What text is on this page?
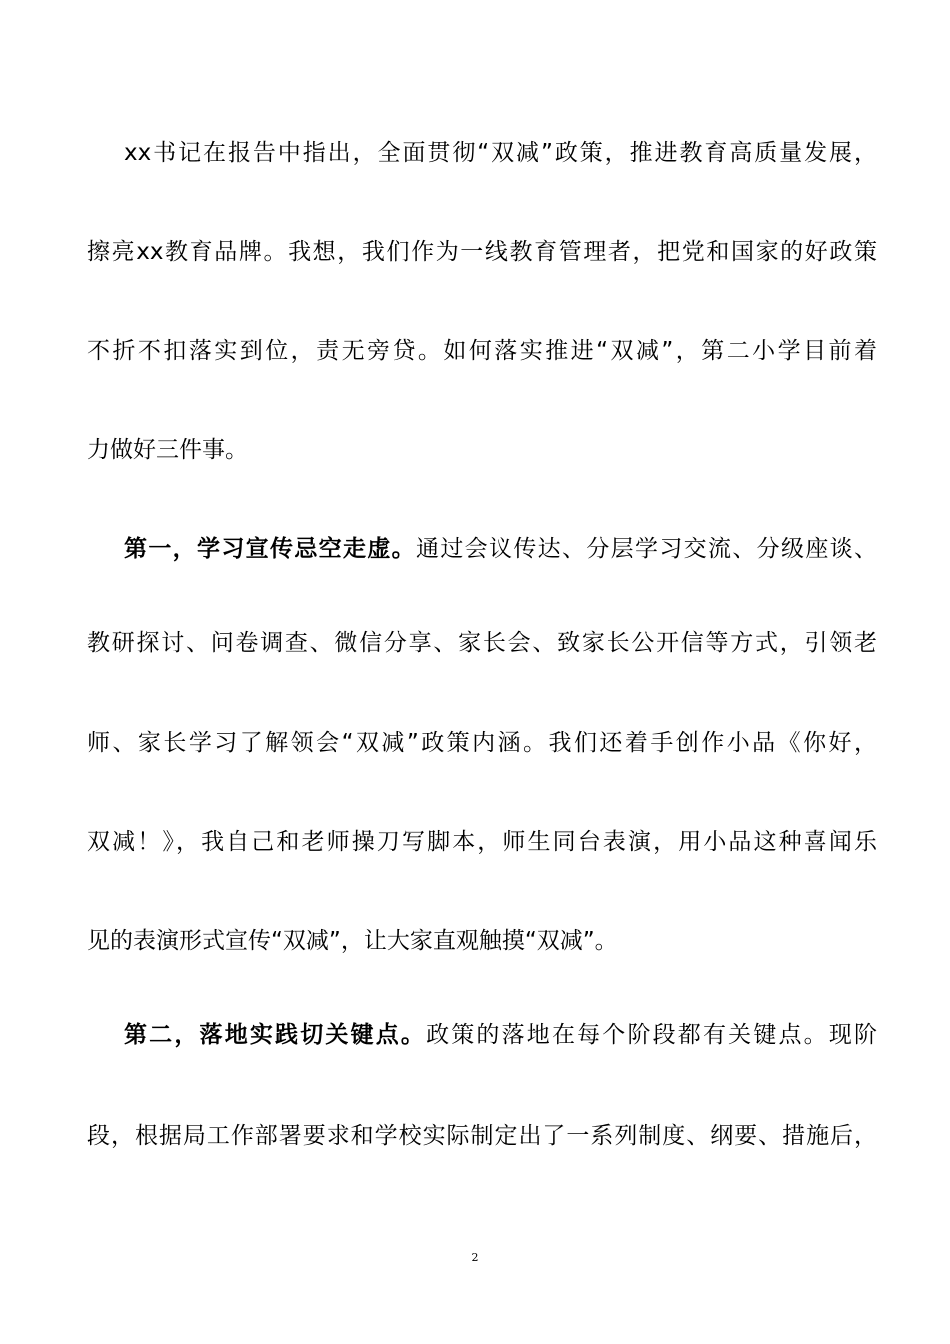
xx书记在报告中指出，全面贯彻“双减”政策，推进教育高质量发展，
擦亮xx教育品牌。我想，我们作为一线教育管理者，把党和国家的好政策
不折不扣落实到位，责无旁贷。如何落实推进“双减”，第二小学目前着
力做好三件事。
第一，学习宣传忌空走虚。通过会议传达、分层学习交流、分级座谈、
教研探讨、问卷调查、微信分享、家长会、致家长公开信等方式，引领老
师、家长学习了解领会“双减”政策内涵。我们还着手创作小品《你好，
双减！》，我自己和老师操刀写脚本，师生同台表演，用小品这种喜闻乐
见的表演形式宣传“双减”，让大家直观触摸“双减”。
第二，落地实践切关键点。政策的落地在每个阶段都有关键点。现阶
段，根据局工作部署要求和学校实际制定出了一系列制度、纲要、措施后，
2
